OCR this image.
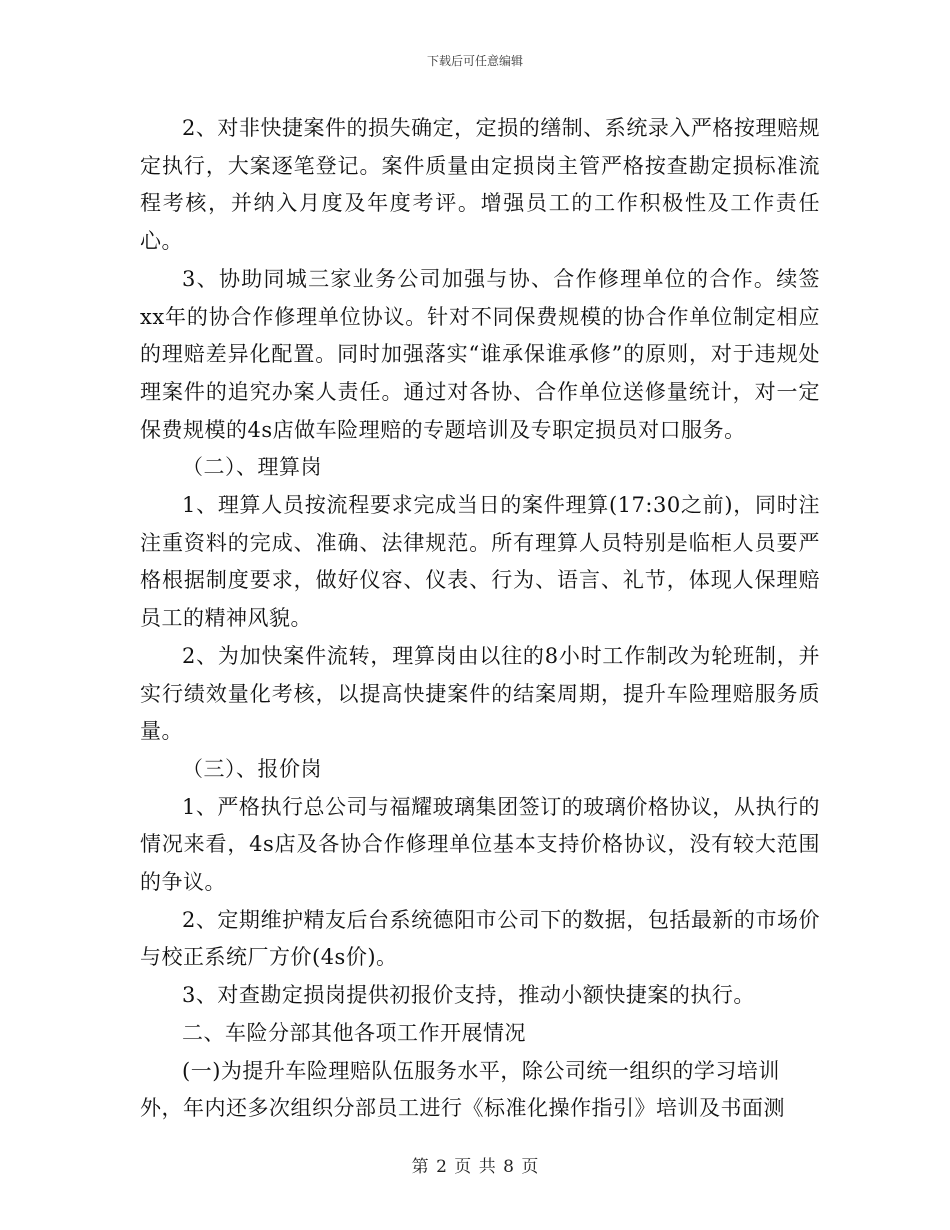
下载后可任意编辑

2、对非快捷案件的损失确定，定损的缮制、系统录入严格按理赔规定执行，大案逐笔登记。案件质量由定损岗主管严格按查勘定损标准流程考核，并纳入月度及年度考评。增强员工的工作积极性及工作责任心。

3、协助同城三家业务公司加强与协、合作修理单位的合作。续签xx年的协合作修理单位协议。针对不同保费规模的协合作单位制定相应的理赔差异化配置。同时加强落实“谁承保谁承修”的原则，对于违规处理案件的追究办案人责任。通过对各协、合作单位送修量统计，对一定保费规模的4s店做车险理赔的专题培训及专职定损员对口服务。

（二）、理算岗

1、理算人员按流程要求完成当日的案件理算(17:30之前)，同时注注重资料的完成、准确、法律规范。所有理算人员特别是临柜人员要严格根据制度要求，做好仪容、仪表、行为、语言、礼节，体现人保理赔员工的精神风貌。

2、为加快案件流转，理算岗由以往的8小时工作制改为轮班制，并实行绩效量化考核，以提高快捷案件的结案周期，提升车险理赔服务质量。

（三）、报价岗

1、严格执行总公司与福耀玻璃集团签订的玻璃价格协议，从执行的情况来看，4s店及各协合作修理单位基本支持价格协议，没有较大范围的争议。

2、定期维护精友后台系统德阳市公司下的数据，包括最新的市场价与校正系统厂方价(4s价)。

3、对查勘定损岗提供初报价支持，推动小额快捷案的执行。

二、车险分部其他各项工作开展情况

(一)为提升车险理赔队伍服务水平，除公司统一组织的学习培训外，年内还多次组织分部员工进行《标准化操作指引》培训及书面测

第 2 页 共 8 页
